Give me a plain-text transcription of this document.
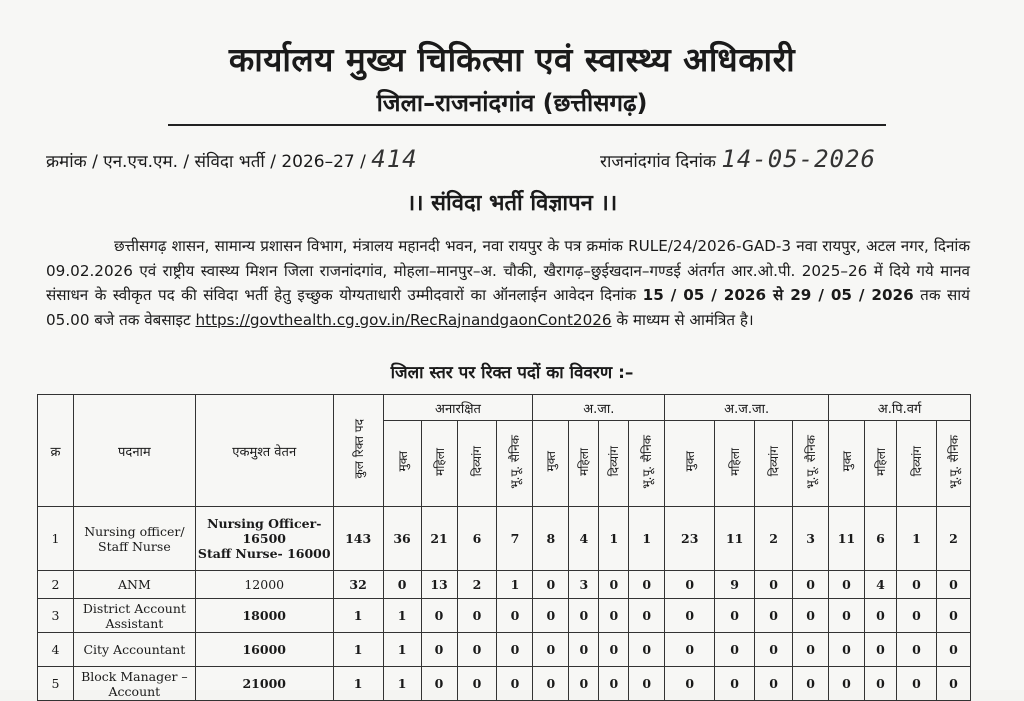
कार्यालय मुख्य चिकित्सा एवं स्वास्थ्य अधिकारी
जिला–राजनांदगांव (छत्तीसगढ़)
क्रमांक / एन.एच.एम. / संविदा भर्ती / 2026–27 / 414	राजनांदगांव दिनांक 14-05-2026
।। संविदा भर्ती विज्ञापन ।।

छत्तीसगढ़ शासन, सामान्य प्रशासन विभाग, मंत्रालय महानदी भवन, नवा रायपुर के पत्र क्रमांक RULE/24/2026-GAD-3 नवा रायपुर, अटल नगर, दिनांक 09.02.2026 एवं राष्ट्रीय स्वास्थ्य मिशन जिला राजनांदगांव, मोहला–मानपुर–अ. चौकी, खैरागढ़–छुईखदान–गण्डई अंतर्गत आर.ओ.पी. 2025–26 में दिये गये मानव संसाधन के स्वीकृत पद की संविदा भर्ती हेतु इच्छुक योग्यताधारी उम्मीदवारों का ऑनलाईन आवेदन दिनांक 15 / 05 / 2026 से 29 / 05 / 2026 तक सायं 05.00 बजे तक वेबसाइट https://govthealth.cg.gov.in/RecRajnandgaonCont2026 के माध्यम से आमंत्रित है।

जिला स्तर पर रिक्त पदों का विवरण :–
क्र	पदनाम	एकमुश्त वेतन	कुल रिक्त पद	अनारक्षित				अ.जा.				अ.ज.जा.				अ.पि.वर्ग			
				मुक्त	महिला	दिव्यांग	भू.पू. सैनिक	मुक्त	महिला	दिव्यांग	भू.पू. सैनिक	मुक्त	महिला	दिव्यांग	भू.पू. सैनिक	मुक्त	महिला	दिव्यांग	भू.पू. सैनिक
1	Nursing officer/ Staff Nurse	Nursing Officer- 16500
Staff Nurse- 16000	143	36	21	6	7	8	4	1	1	23	11	2	3	11	6	1	2
2	ANM	12000	32	0	13	2	1	0	3	0	0	0	9	0	0	0	4	0	0
3	District Account Assistant	18000	1	1	0	0	0	0	0	0	0	0	0	0	0	0	0	0	0
4	City Accountant	16000	1	1	0	0	0	0	0	0	0	0	0	0	0	0	0	0	0
5	Block Manager – Account	21000	1	1	0	0	0	0	0	0	0	0	0	0	0	0	0	0	0
